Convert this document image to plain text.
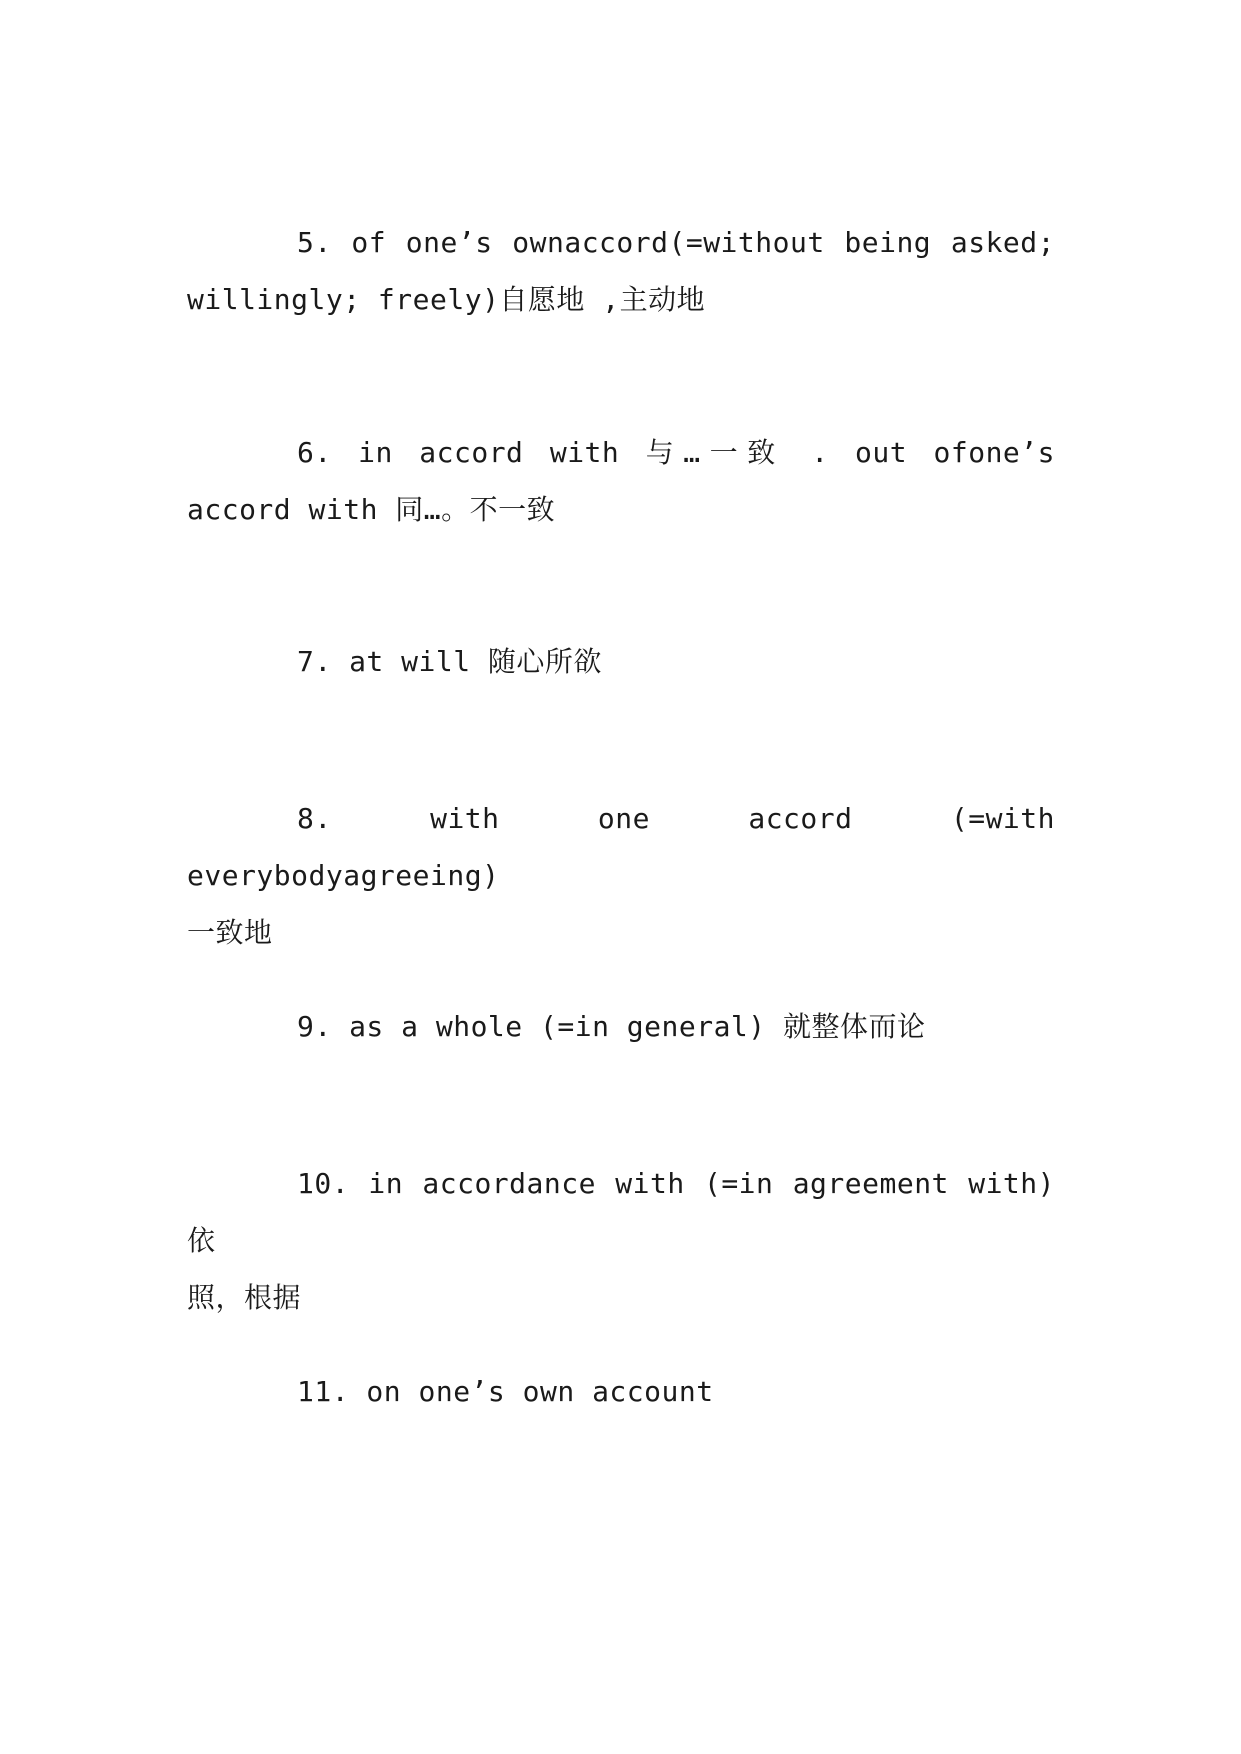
5. of one’s ownaccord(=without being asked;
willingly; freely)自愿地 ,主动地
6. in accord with 与…一致 . out ofone’s
accord with 同…。不一致
7. at will 随心所欲
8. with one accord (=with everybodyagreeing)
一致地
9. as a whole (=in general) 就整体而论
10. in accordance with (=in agreement with)依
照，根据
11. on one’s own account
